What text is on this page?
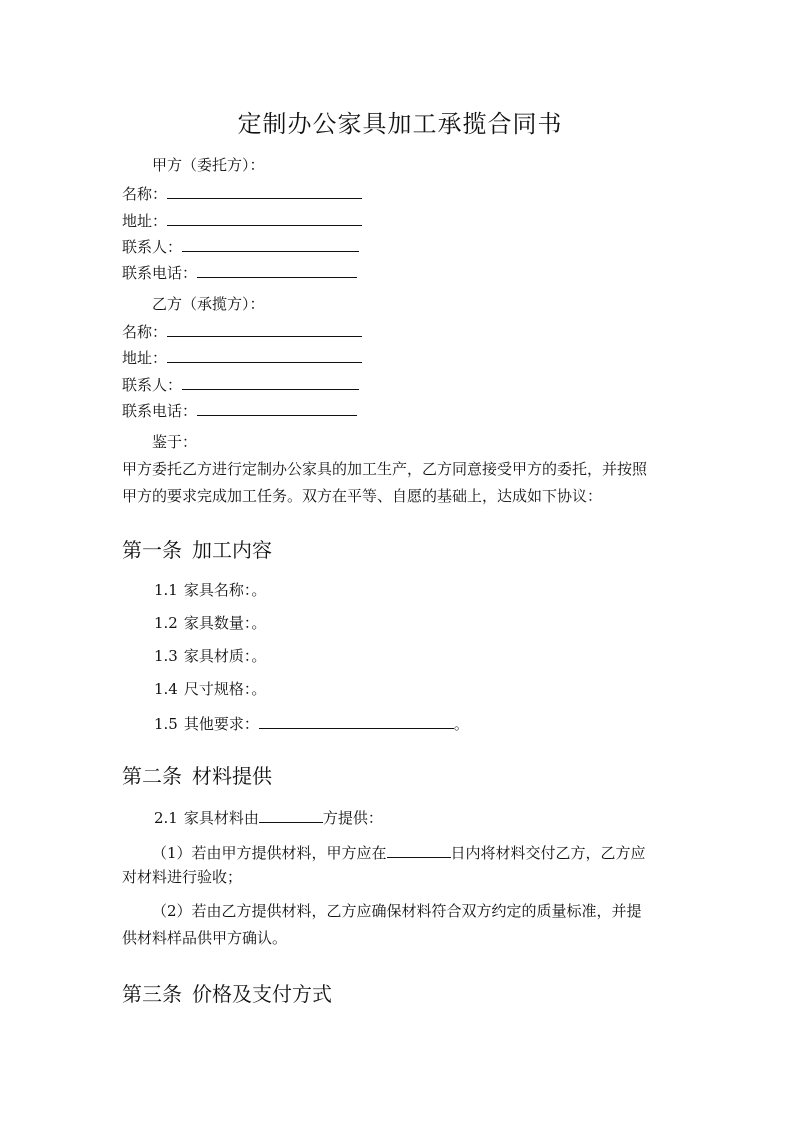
定制办公家具加工承揽合同书
甲方（委托方）：
名称：
地址：
联系人：
联系电话：
乙方（承揽方）：
名称：
地址：
联系人：
联系电话：
鉴于：
甲方委托乙方进行定制办公家具的加工生产，乙方同意接受甲方的委托，并按照
甲方的要求完成加工任务。双方在平等、自愿的基础上，达成如下协议：
第一条 加工内容
1.1 家具名称：。
1.2 家具数量：。
1.3 家具材质：。
1.4 尺寸规格：。
1.5 其他要求：	。
第二条 材料提供
2.1 家具材料由	方提供：
（1）若由甲方提供材料，甲方应在	日内将材料交付乙方，乙方应
对材料进行验收；
（2）若由乙方提供材料，乙方应确保材料符合双方约定的质量标准，并提
供材料样品供甲方确认。
第三条 价格及支付方式
